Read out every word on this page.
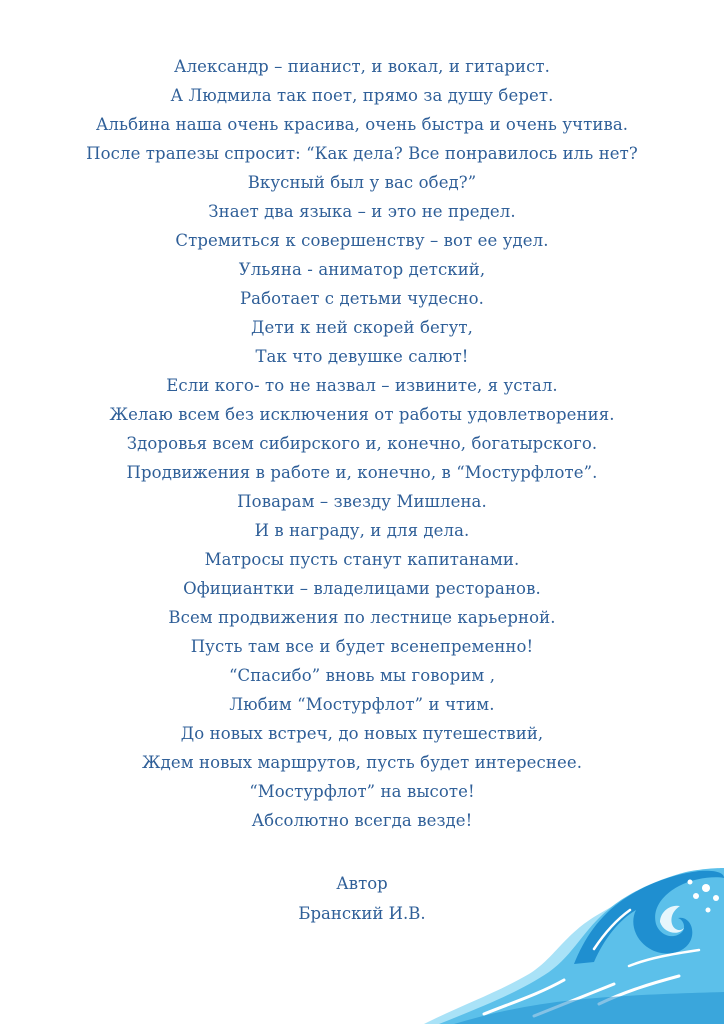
Александр – пианист, и вокал, и гитарист.
А Людмила так поет, прямо за душу берет.
Альбина наша очень красива, очень быстра и очень учтива.
После трапезы спросит: “Как дела? Все понравилось иль нет?
Вкусный был у вас обед?”
Знает два языка – и это не предел.
Стремиться к совершенству – вот ее удел.
Ульяна - аниматор детский,
Работает с детьми чудесно.
Дети к ней скорей бегут,
Так что девушке салют!
Если кого- то не назвал – извините, я устал.
Желаю всем без исключения от работы удовлетворения.
Здоровья всем сибирского и, конечно, богатырского.
Продвижения в работе и, конечно, в “Мостурфлоте”.
Поварам – звезду Мишлена.
И в награду, и для дела.
Матросы пусть станут капитанами.
Официантки – владелицами ресторанов.
Всем продвижения по лестнице карьерной.
Пусть там все и будет всенепременно!
“Спасибо” вновь мы говорим ,
Любим “Мостурфлот” и чтим.
До новых встреч, до новых путешествий,
Ждем новых маршрутов, пусть будет интереснее.
“Мостурфлот” на высоте!
Абсолютно всегда везде!
Автор
Бранский И.В.
